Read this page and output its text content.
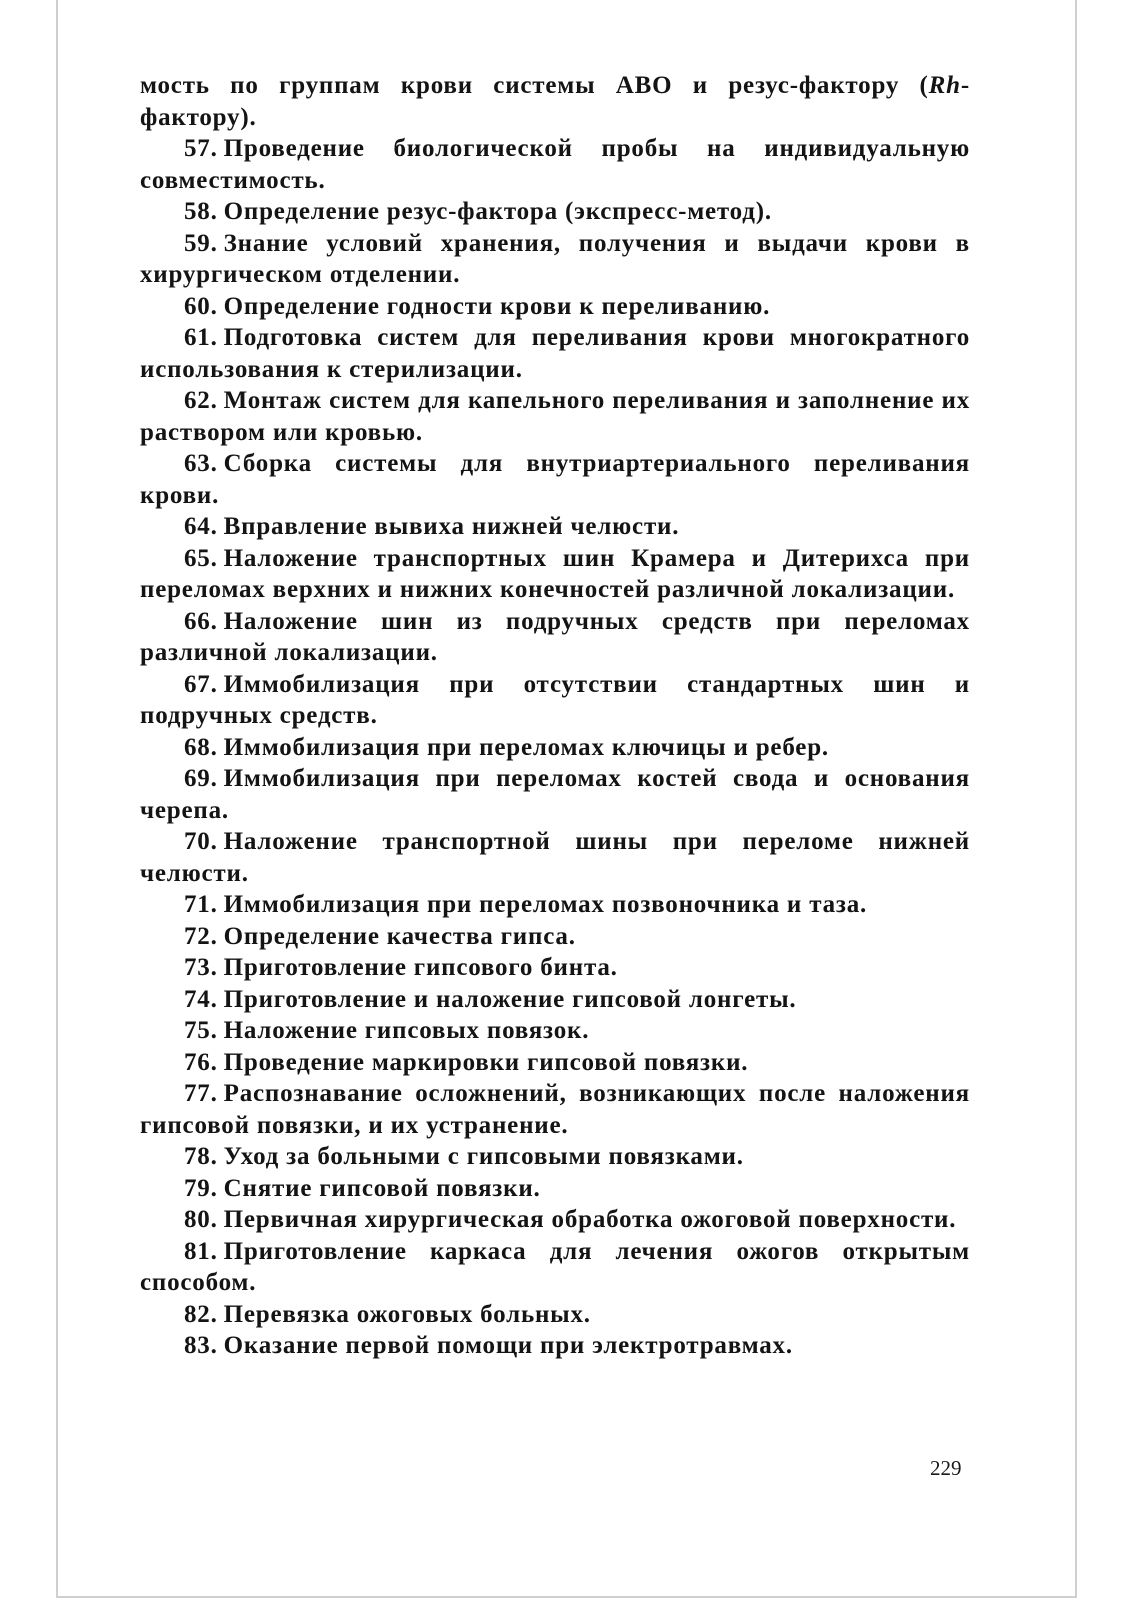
мость по группам крови системы АВО и резус-фактору (Rh-фактору).

57. Проведение биологической пробы на индивидуальную совместимость.

58. Определение резус-фактора (экспресс-метод).

59. Знание условий хранения, получения и выдачи крови в хирургическом отделении.

60. Определение годности крови к переливанию.

61. Подготовка систем для переливания крови многократного использования к стерилизации.

62. Монтаж систем для капельного переливания и заполнение их раствором или кровью.

63. Сборка системы для внутриартериального переливания крови.

64. Вправление вывиха нижней челюсти.

65. Наложение транспортных шин Крамера и Дитерихса при переломах верхних и нижних конечностей различной локализации.

66. Наложение шин из подручных средств при переломах различной локализации.

67. Иммобилизация при отсутствии стандартных шин и подручных средств.

68. Иммобилизация при переломах ключицы и ребер.

69. Иммобилизация при переломах костей свода и основания черепа.

70. Наложение транспортной шины при переломе нижней челюсти.

71. Иммобилизация при переломах позвоночника и таза.

72. Определение качества гипса.

73. Приготовление гипсового бинта.

74. Приготовление и наложение гипсовой лонгеты.

75. Наложение гипсовых повязок.

76. Проведение маркировки гипсовой повязки.

77. Распознавание осложнений, возникающих после наложения гипсовой повязки, и их устранение.

78. Уход за больными с гипсовыми повязками.

79. Снятие гипсовой повязки.

80. Первичная хирургическая обработка ожоговой поверхности.

81. Приготовление каркаса для лечения ожогов открытым способом.

82. Перевязка ожоговых больных.

83. Оказание первой помощи при электротравмах.

229
